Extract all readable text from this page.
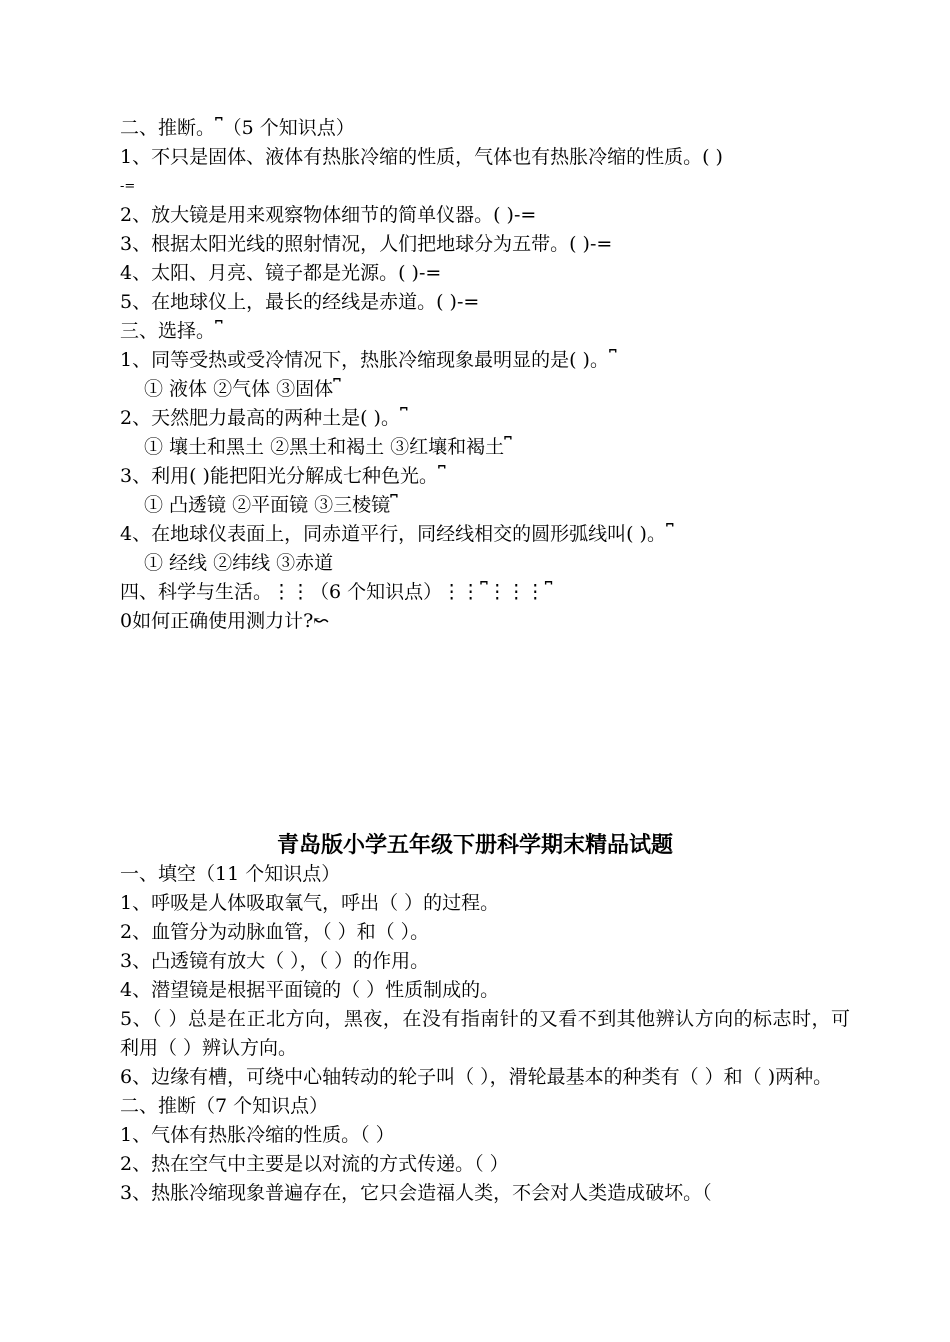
二、推断。⎴（5 个知识点）
1、不只是固体、液体有热胀冷缩的性质，气体也有热胀冷缩的性质。( )
-=
2、放大镜是用来观察物体细节的简单仪器。( )-=
3、根据太阳光线的照射情况，人们把地球分为五带。( )-=
4、太阳、月亮、镜子都是光源。( )-=
5、在地球仪上，最长的经线是赤道。( )-=
三、选择。⎴
1、同等受热或受冷情况下，热胀冷缩现象最明显的是( )。⎴
① 液体 ②气体 ③固体⎴
2、天然肥力最高的两种土是( )。⎴
① 壤土和黑土 ②黑土和褐土 ③红壤和褐土⎴
3、利用( )能把阳光分解成七种色光。⎴
① 凸透镜 ②平面镜 ③三棱镜⎴
4、在地球仪表面上，同赤道平行，同经线相交的圆形弧线叫( )。⎴
① 经线 ②纬线 ③赤道
四、科学与生活。⋮⋮（6 个知识点）⋮⋮⎴⋮⋮⋮⎴
0如何正确使用测力计?↜
青岛版小学五年级下册科学期末精品试题
一、填空（11 个知识点）
1、呼吸是人体吸取氧气，呼出（ ）的过程。
2、血管分为动脉血管，（ ）和（ ）。
3、凸透镜有放大（ ），（ ）的作用。
4、潜望镜是根据平面镜的（ ）性质制成的。
5、（ ）总是在正北方向，黑夜，在没有指南针的又看不到其他辨认方向的标志时，可利用（ ）辨认方向。
6、边缘有槽，可绕中心轴转动的轮子叫（ ），滑轮最基本的种类有（ ）和（ )两种。
二、推断（7 个知识点）
1、气体有热胀冷缩的性质。（ ）
2、热在空气中主要是以对流的方式传递。（ ）
3、热胀冷缩现象普遍存在，它只会造福人类，不会对人类造成破坏。（
